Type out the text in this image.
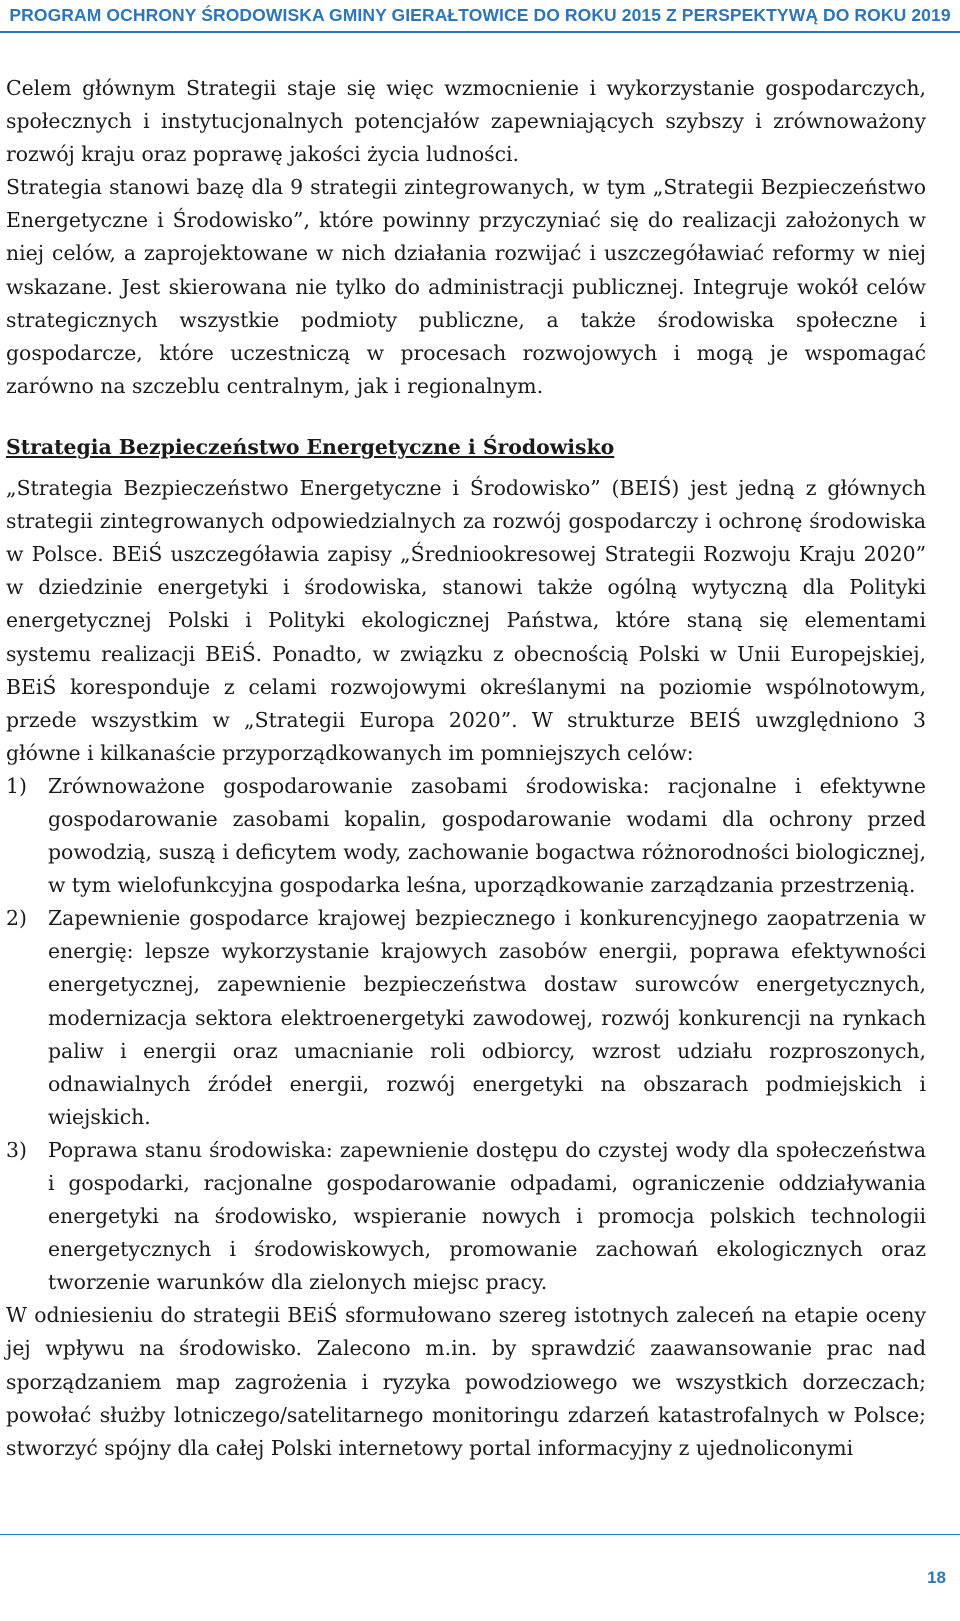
PROGRAM OCHRONY ŚRODOWISKA GMINY GIERAŁTOWICE DO ROKU 2015 Z PERSPEKTYWĄ DO ROKU 2019

Celem głównym Strategii staje się więc wzmocnienie i wykorzystanie gospodarczych, społecznych i instytucjonalnych potencjałów zapewniających szybszy i zrównoważony rozwój kraju oraz poprawę jakości życia ludności.

Strategia stanowi bazę dla 9 strategii zintegrowanych, w tym „Strategii Bezpieczeństwo Energetyczne i Środowisko”, które powinny przyczyniać się do realizacji założonych w niej celów, a zaprojektowane w nich działania rozwijać i uszczegóławiać reformy w niej wskazane. Jest skierowana nie tylko do administracji publicznej. Integruje wokół celów strategicznych wszystkie podmioty publiczne, a także środowiska społeczne i gospodarcze, które uczestniczą w procesach rozwojowych i mogą je wspomagać zarówno na szczeblu centralnym, jak i regionalnym.

Strategia Bezpieczeństwo Energetyczne i Środowisko

„Strategia Bezpieczeństwo Energetyczne i Środowisko” (BEIŚ) jest jedną z głównych strategii zintegrowanych odpowiedzialnych za rozwój gospodarczy i ochronę środowiska w Polsce. BEiŚ uszczegóławia zapisy „Średniookresowej Strategii Rozwoju Kraju 2020” w dziedzinie energetyki i środowiska, stanowi także ogólną wytyczną dla Polityki energetycznej Polski i Polityki ekologicznej Państwa, które staną się elementami systemu realizacji BEiŚ. Ponadto, w związku z obecnością Polski w Unii Europejskiej, BEiŚ koresponduje z celami rozwojowymi określanymi na poziomie wspólnotowym, przede wszystkim w „Strategii Europa 2020”. W strukturze BEIŚ uwzględniono 3 główne i kilkanaście przyporządkowanych im pomniejszych celów:

1) Zrównoważone gospodarowanie zasobami środowiska: racjonalne i efektywne gospodarowanie zasobami kopalin, gospodarowanie wodami dla ochrony przed powodzią, suszą i deficytem wody, zachowanie bogactwa różnorodności biologicznej, w tym wielofunkcyjna gospodarka leśna, uporządkowanie zarządzania przestrzenią.
2) Zapewnienie gospodarce krajowej bezpiecznego i konkurencyjnego zaopatrzenia w energię: lepsze wykorzystanie krajowych zasobów energii, poprawa efektywności energetycznej, zapewnienie bezpieczeństwa dostaw surowców energetycznych, modernizacja sektora elektroenergetyki zawodowej, rozwój konkurencji na rynkach paliw i energii oraz umacnianie roli odbiorcy, wzrost udziału rozproszonych, odnawialnych źródeł energii, rozwój energetyki na obszarach podmiejskich i wiejskich.
3) Poprawa stanu środowiska: zapewnienie dostępu do czystej wody dla społeczeństwa i gospodarki, racjonalne gospodarowanie odpadami, ograniczenie oddziaływania energetyki na środowisko, wspieranie nowych i promocja polskich technologii energetycznych i środowiskowych, promowanie zachowań ekologicznych oraz tworzenie warunków dla zielonych miejsc pracy.

W odniesieniu do strategii BEiŚ sformułowano szereg istotnych zaleceń na etapie oceny jej wpływu na środowisko. Zalecono m.in. by sprawdzić zaawansowanie prac nad sporządzaniem map zagrożenia i ryzyka powodziowego we wszystkich dorzeczach; powołać służby lotniczego/satelitarnego monitoringu zdarzeń katastrofalnych w Polsce; stworzyć spójny dla całej Polski internetowy portal informacyjny z ujednoliconymi

18
